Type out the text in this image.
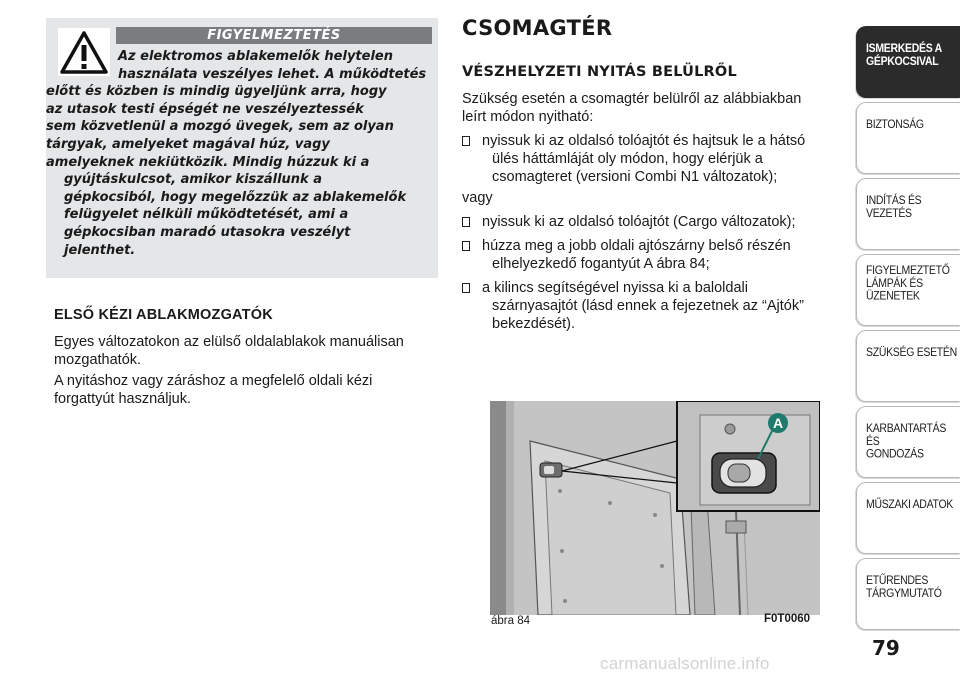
FIGYELMEZTETÉS
Az elektromos ablakemelők helytelen
használata veszélyes lehet. A működtetés
előtt és közben is mindig ügyeljünk arra, hogy
az utasok testi épségét ne veszélyeztessék
sem közvetlenül a mozgó üvegek, sem az olyan
tárgyak, amelyeket magával húz, vagy
amelyeknek nekiütközik. Mindig húzzuk ki a
gyújtáskulcsot, amikor kiszállunk a
gépkocsiból, hogy megelőzzük az ablakemelők
felügyelet nélküli működtetését, ami a
gépkocsiban maradó utasokra veszélyt
jelenthet.
ELSŐ KÉZI ABLAKMOZGATÓK
Egyes változatokon az elülső oldalablakok manuálisan
mozgathatók.
A nyitáshoz vagy záráshoz a megfelelő oldali kézi
forgattyút használjuk.
CSOMAGTÉR
VÉSZHELYZETI NYITÁS BELÜLRŐL
Szükség esetén a csomagtér belülről az alábbiakban
leírt módon nyitható:
nyissuk ki az oldalsó tolóajtót és hajtsuk le a hátsó
ülés háttámláját oly módon, hogy elérjük a
csomagteret (versioni Combi N1 változatok);
vagy
nyissuk ki az oldalsó tolóajtót (Cargo változatok);
húzza meg a jobb oldali ajtószárny belső részén
elhelyezkedő fogantyút A ábra 84;
a kilincs segítségével nyissa ki a baloldali
szárnyasajtót (lásd ennek a fejezetnek az “Ajtók”
bekezdését).
A
ábra 84	F0T0060
ISMERKEDÉS A
GÉPKOCSIVAL
BIZTONSÁG
INDÍTÁS ÉS VEZETÉS
FIGYELMEZTETŐ
LÁMPÁK ÉS
ÜZENETEK
SZÜKSÉG ESETÉN
KARBANTARTÁS ÉS
GONDOZÁS
MŰSZAKI ADATOK
ETŰRENDES
TÁRGYMUTATÓ
79
carmanualsonline.info
